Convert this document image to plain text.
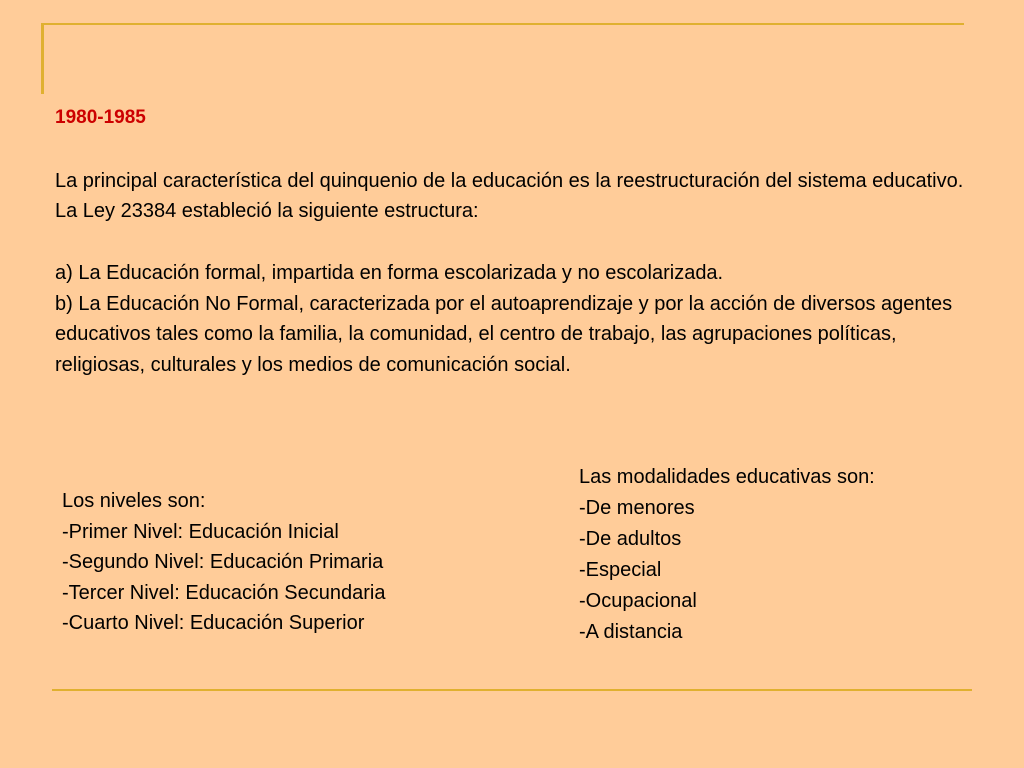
1980-1985

La principal característica del quinquenio de la educación es la reestructuración del sistema educativo. La Ley 23384 estableció la siguiente estructura:

a) La Educación formal, impartida en forma escolarizada y no escolarizada.
b) La Educación No Formal, caracterizada por el autoaprendizaje y por la acción de diversos agentes educativos tales como la familia, la comunidad, el centro de trabajo, las agrupaciones políticas, religiosas, culturales y los medios de comunicación social.

Los niveles son:
-Primer Nivel: Educación Inicial
-Segundo Nivel: Educación Primaria
-Tercer Nivel: Educación Secundaria
-Cuarto Nivel: Educación Superior
Las modalidades educativas son:
-De menores
-De adultos
-Especial
-Ocupacional
-A distancia
